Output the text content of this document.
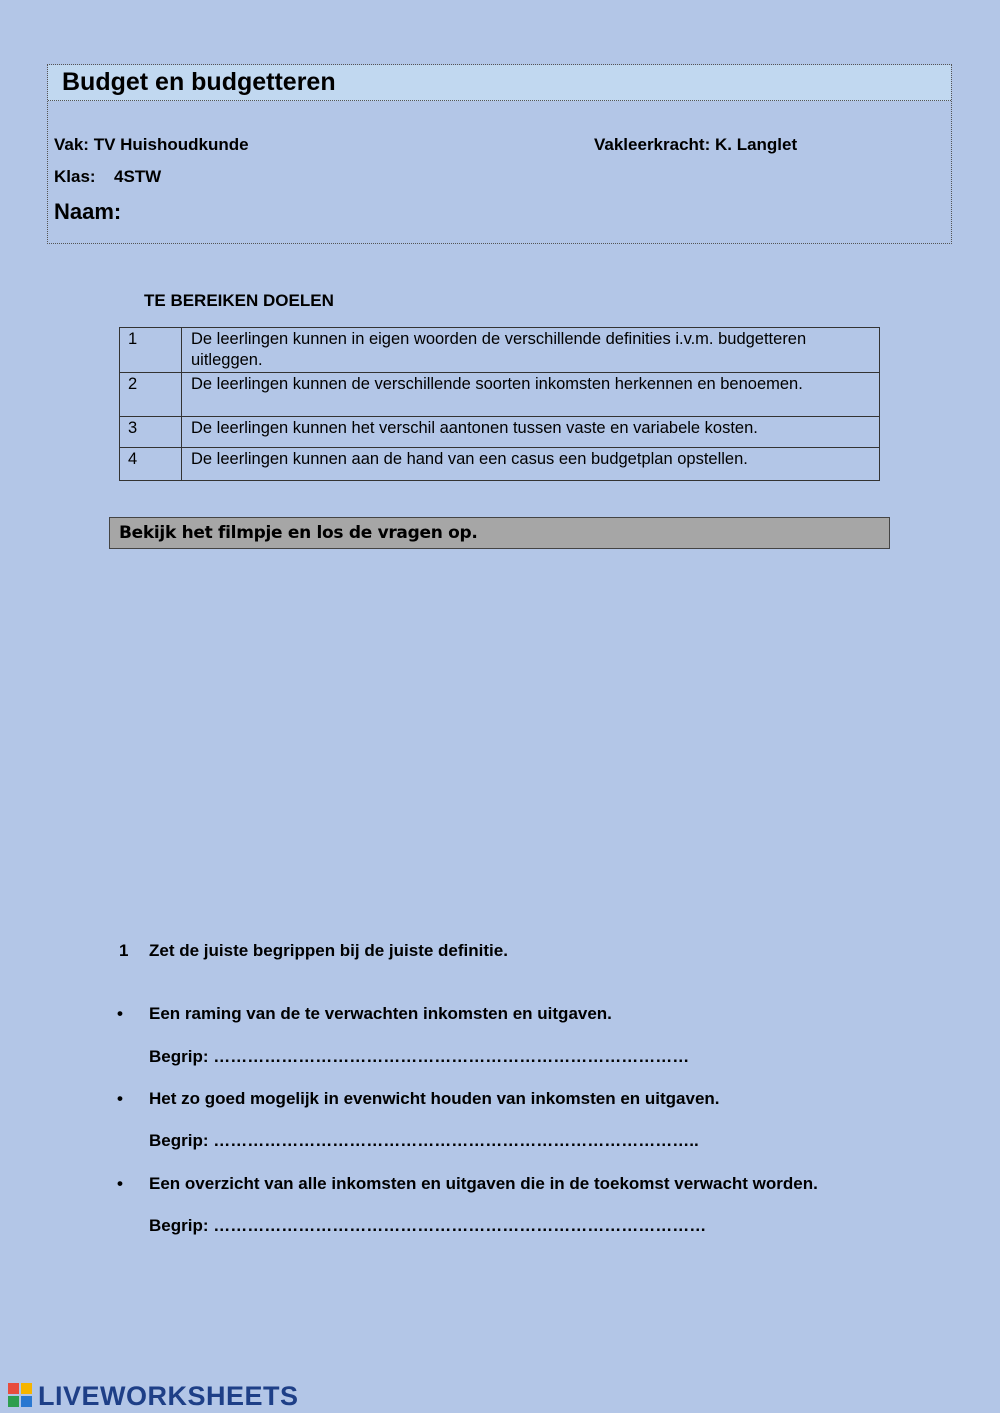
Budget en budgetteren
Vak: TV Huishoudkunde	Vakleerkracht: K. Langlet
Klas: 4STW
Naam:
TE BEREIKEN DOELEN
1	De leerlingen kunnen in eigen woorden de verschillende definities i.v.m. budgetteren uitleggen.
2	De leerlingen kunnen de verschillende soorten inkomsten herkennen en benoemen.
3	De leerlingen kunnen het verschil aantonen tussen vaste en variabele kosten.
4	De leerlingen kunnen aan de hand van een casus een budgetplan opstellen.
Bekijk het filmpje en los de vragen op.
1 Zet de juiste begrippen bij de juiste definitie.
• Een raming van de te verwachten inkomsten en uitgaven.
Begrip: …………………………………………………………………………
• Het zo goed mogelijk in evenwicht houden van inkomsten en uitgaven.
Begrip: …………………………………………………………………………..
• Een overzicht van alle inkomsten en uitgaven die in de toekomst verwacht worden.
Begrip: ……………………………………………………………………………
LIVEWORKSHEETS
